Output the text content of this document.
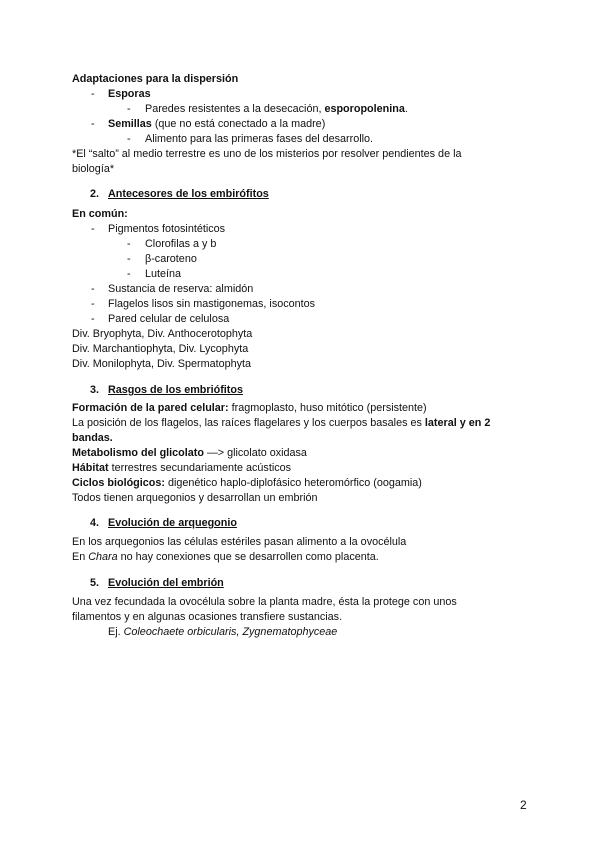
Adaptaciones para la dispersión
- Esporas
- Paredes resistentes a la desecación, esporopolenina.
- Semillas (que no está conectado a la madre)
- Alimento para las primeras fases del desarrollo.
*El “salto” al medio terrestre es uno de los misterios por resolver pendientes de la
biología*
2. Antecesores de los embirófitos
En común:
- Pigmentos fotosintéticos
- Clorofilas a y b
- β-caroteno
- Luteína
- Sustancia de reserva: almidón
- Flagelos lisos sin mastigonemas, isocontos
- Pared celular de celulosa
Div. Bryophyta, Div. Anthocerotophyta
Div. Marchantiophyta, Div. Lycophyta
Div. Monilophyta, Div. Spermatophyta
3. Rasgos de los embriófitos
Formación de la pared celular: fragmoplasto, huso mitótico (persistente)
La posición de los flagelos, las raíces flagelares y los cuerpos basales es lateral y en 2
bandas.
Metabolismo del glicolato —> glicolato oxidasa
Hábitat terrestres secundariamente acústicos
Ciclos biológicos: digenético haplo-diplofásico heteromórfico (oogamia)
Todos tienen arquegonios y desarrollan un embrión
4. Evolución de arquegonio
En los arquegonios las células estériles pasan alimento a la ovocélula
En Chara no hay conexiones que se desarrollen como placenta.
5. Evolución del embrión
Una vez fecundada la ovocélula sobre la planta madre, ésta la protege con unos
filamentos y en algunas ocasiones transfiere sustancias.
Ej. Coleochaete orbicularis, Zygnematophyceae
2
